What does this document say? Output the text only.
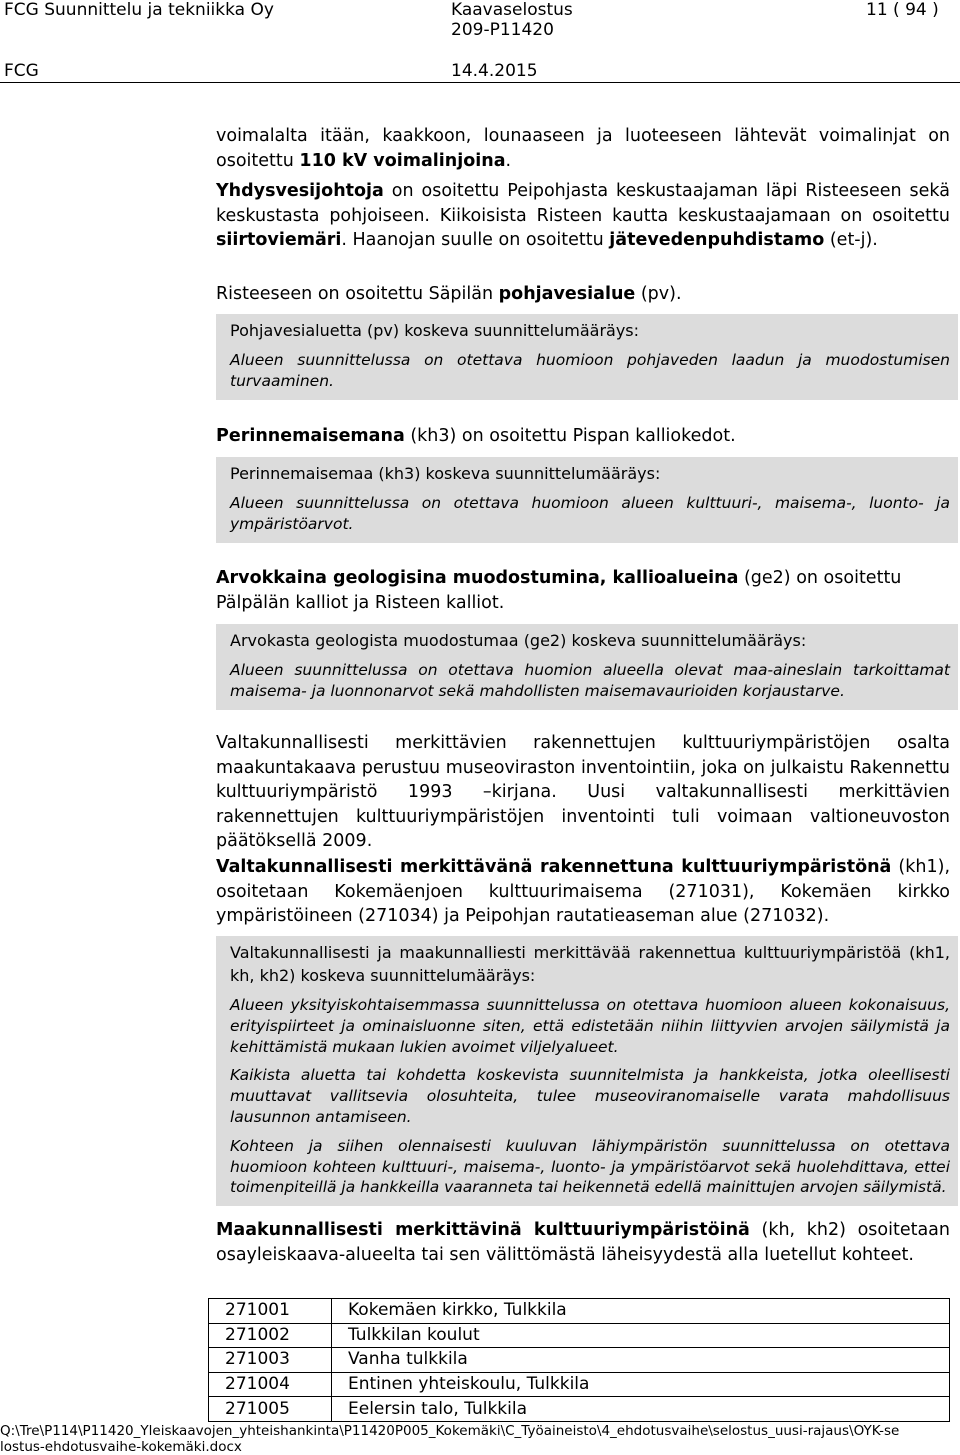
FCG Suunnittelu ja tekniikka Oy	Kaavaselostus	11 ( 94 )
209-P11420
FCG	14.4.2015

voimalalta itään, kaakkoon, lounaaseen ja luoteeseen lähtevät voimalinjat on osoitettu 110 kV voimalinjoina.

Yhdysvesijohtoja on osoitettu Peipohjasta keskustaajaman läpi Risteeseen sekä keskustasta pohjoiseen. Kiikoisista Risteen kautta keskustaajamaan on osoitettu siirtoviemäri. Haanojan suulle on osoitettu jätevedenpuhdistamo (et-j).

Risteeseen on osoitettu Säpilän pohjavesialue (pv).

Pohjavesialuetta (pv) koskeva suunnittelumääräys:

Alueen suunnittelussa on otettava huomioon pohjaveden laadun ja muodostumisen turvaaminen.

Perinnemaisemana (kh3) on osoitettu Pispan kalliokedot.

Perinnemaisemaa (kh3) koskeva suunnittelumääräys:

Alueen suunnittelussa on otettava huomioon alueen kulttuuri-, maisema-, luonto- ja ympäristöarvot.

Arvokkaina geologisina muodostumina, kallioalueina (ge2) on osoitettu Pälpälän kalliot ja Risteen kalliot.

Arvokasta geologista muodostumaa (ge2) koskeva suunnittelumääräys:

Alueen suunnittelussa on otettava huomion alueella olevat maa-aineslain tarkoittamat maisema- ja luonnonarvot sekä mahdollisten maisemavaurioiden korjaustarve.

Valtakunnallisesti merkittävien rakennettujen kulttuuriympäristöjen osalta maakuntakaava perustuu museoviraston inventointiin, joka on julkaistu Rakennettu kulttuuriympäristö 1993 –kirjana. Uusi valtakunnallisesti merkittävien rakennettujen kulttuuriympäristöjen inventointi tuli voimaan valtioneuvoston päätöksellä 2009.

Valtakunnallisesti merkittävänä rakennettuna kulttuuriympäristönä (kh1), osoitetaan Kokemäenjoen kulttuurimaisema (271031), Kokemäen kirkko ympäristöineen (271034) ja Peipohjan rautatieaseman alue (271032).

Valtakunnallisesti ja maakunnalliesti merkittävää rakennettua kulttuuriympäristöä (kh1, kh, kh2) koskeva suunnittelumääräys:

Alueen yksityiskohtaisemmassa suunnittelussa on otettava huomioon alueen kokonaisuus, erityispiirteet ja ominaisluonne siten, että edistetään niihin liittyvien arvojen säilymistä ja kehittämistä mukaan lukien avoimet viljelyalueet.

Kaikista aluetta tai kohdetta koskevista suunnitelmista ja hankkeista, jotka oleellisesti muuttavat vallitsevia olosuhteita, tulee museoviranomaiselle varata mahdollisuus lausunnon antamiseen.

Kohteen ja siihen olennaisesti kuuluvan lähiympäristön suunnittelussa on otettava huomioon kohteen kulttuuri-, maisema-, luonto- ja ympäristöarvot sekä huolehdittava, ettei toimenpiteillä ja hankkeilla vaaranneta tai heikennetä edellä mainittujen arvojen säilymistä.

Maakunnallisesti merkittävinä kulttuuriympäristöinä (kh, kh2) osoitetaan osayleiskaava-alueelta tai sen välittömästä läheisyydestä alla luetellut kohteet.

271001	Kokemäen kirkko, Tulkkila
271002	Tulkkilan koulut
271003	Vanha tulkkila
271004	Entinen yhteiskoulu, Tulkkila
271005	Eelersin talo, Tulkkila

Q:\Tre\P114\P11420_Yleiskaavojen_yhteishankinta\P11420P005_Kokemäki\C_Työaineisto\4_ehdotusvaihe\selostus_uusi-rajaus\OYK-selostus-ehdotusvaihe-kokemäki.docx
